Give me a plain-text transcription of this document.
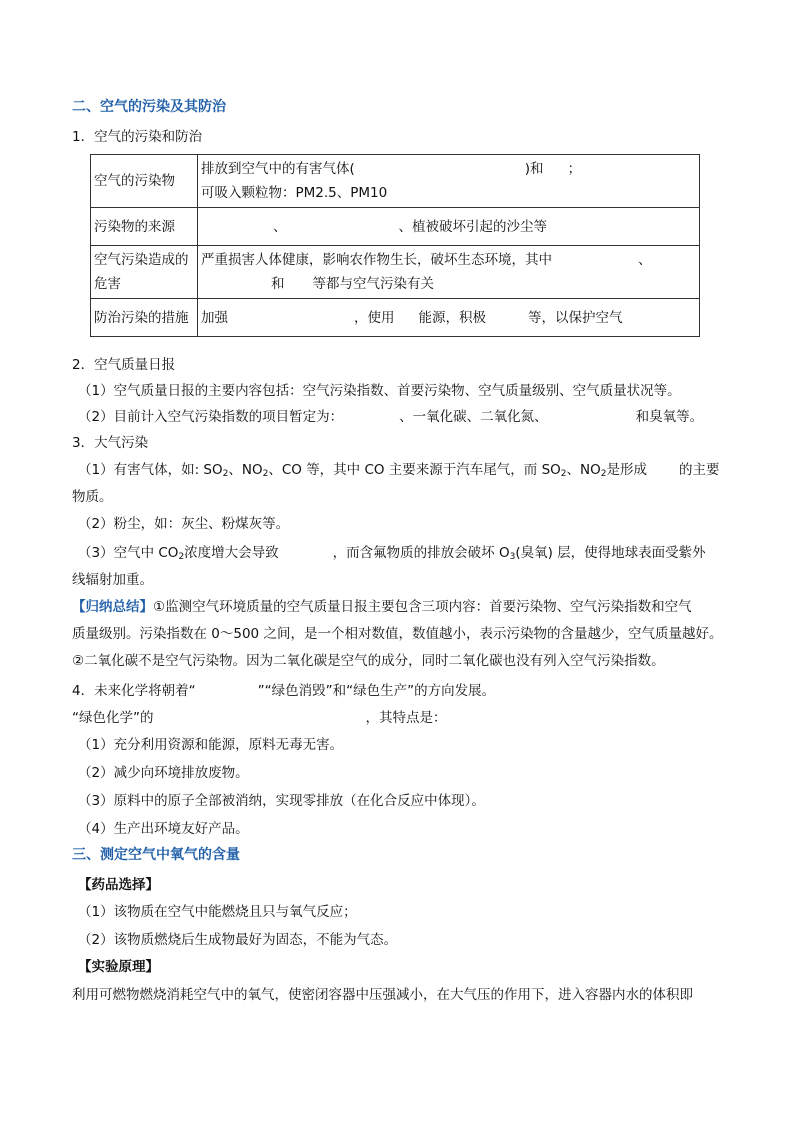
二、空气的污染及其防治
1．空气的污染和防治
空气的污染物	排放到空气中的有害气体( )和 ；
可吸入颗粒物：PM2.5、PM10

污染物的来源	、 、植被破坏引起的沙尘等
空气污染造成的危害	严重损害人体健康，影响农作物生长，破坏生态环境，其中 、
和 等都与空气污染有关

防治污染的措施	加强 ，使用 能源，积极 等，以保护空气
2．空气质量日报
（1）空气质量日报的主要内容包括：空气污染指数、首要污染物、空气质量级别、空气质量状况等。
（2）目前计入空气污染指数的项目暂定为：	、一氧化碳、二氧化氮、	和臭氧等。
3．大气污染
（1）有害气体，如: $SO_2$、$NO_2$、CO 等，其中 CO 主要来源于汽车尾气，而 $SO_2$、$NO_2$是形成 的主要
物质。
（2）粉尘，如：灰尘、粉煤灰等。
（3）空气中 $CO_2$浓度增大会导致	，而含氟物质的排放会破坏 $O_3$(臭氧) 层，使得地球表面受紫外
线辐射加重。
【归纳总结】①监测空气环境质量的空气质量日报主要包含三项内容：首要污染物、空气污染指数和空气
质量级别。污染指数在 0～500 之间，是一个相对数值，数值越小，表示污染物的含量越少，空气质量越好。
②二氧化碳不是空气污染物。因为二氧化碳是空气的成分，同时二氧化碳也没有列入空气污染指数。
4．未来化学将朝着“	”“绿色消毁”和“绿色生产”的方向发展。
“绿色化学”的	，其特点是：
（1）充分利用资源和能源，原料无毒无害。
（2）减少向环境排放废物。
（3）原料中的原子全部被消纳，实现零排放（在化合反应中体现）。
（4）生产出环境友好产品。
三、测定空气中氧气的含量
【药品选择】
（1）该物质在空气中能燃烧且只与氧气反应；
（2）该物质燃烧后生成物最好为固态，不能为气态。
【实验原理】
利用可燃物燃烧消耗空气中的氧气，使密闭容器中压强减小，在大气压的作用下，进入容器内水的体积即
